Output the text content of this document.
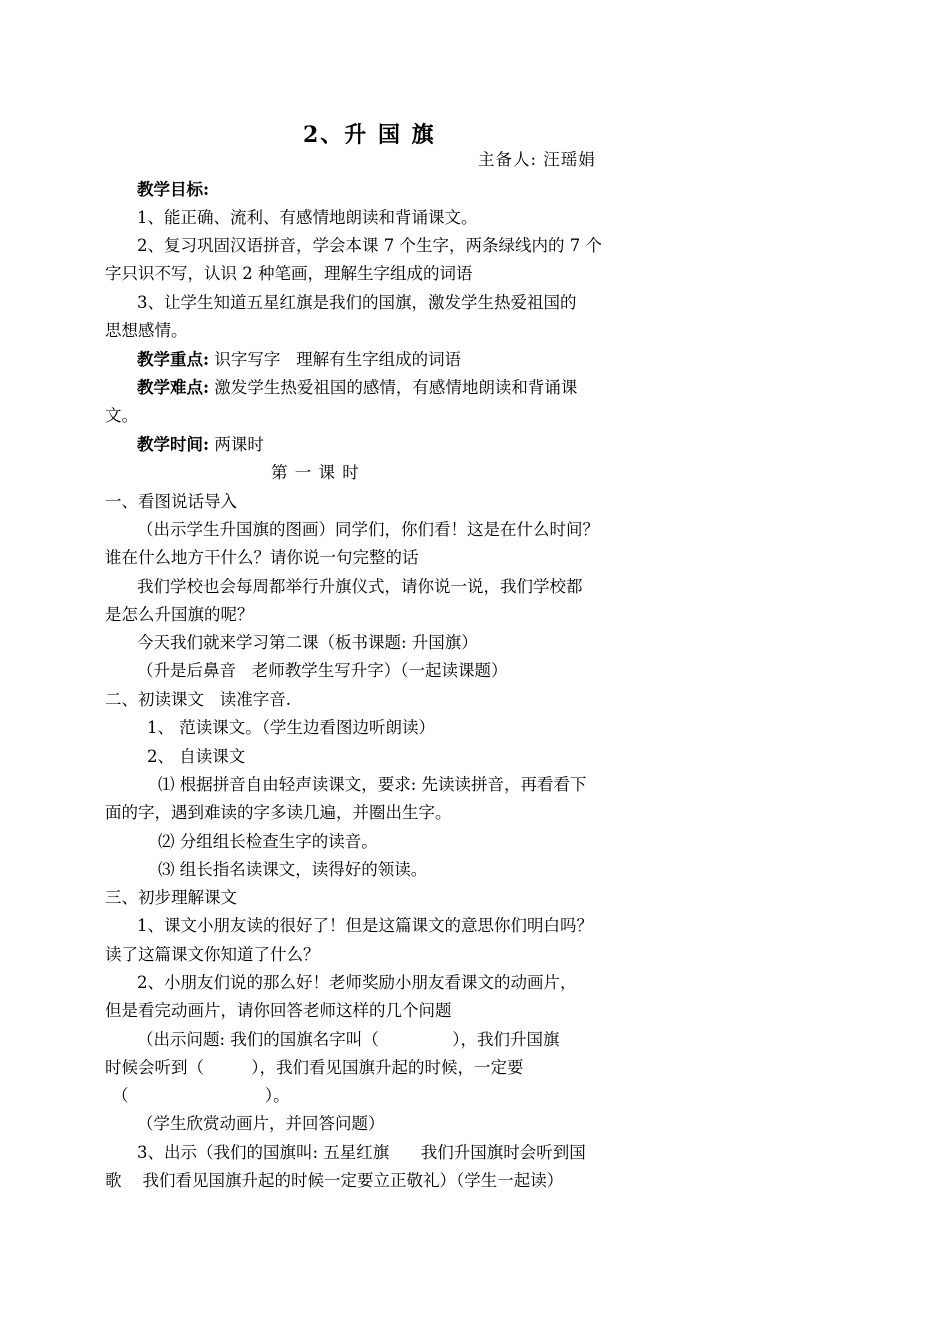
2、升 国 旗
主备人: 汪瑶娟
教学目标:
1、能正确、流利、有感情地朗读和背诵课文。
2、复习巩固汉语拼音，学会本课 7 个生字，两条绿线内的 7 个
字只识不写，认识 2 种笔画，理解生字组成的词语
3、让学生知道五星红旗是我们的国旗，激发学生热爱祖国的
思想感情。
教学重点: 识字写字   理解有生字组成的词语
教学难点: 激发学生热爱祖国的感情，有感情地朗读和背诵课
文。
教学时间: 两课时
第 一 课 时
一、看图说话导入
（出示学生升国旗的图画）同学们，你们看！这是在什么时间？
谁在什么地方干什么？请你说一句完整的话
我们学校也会每周都举行升旗仪式，请你说一说，我们学校都
是怎么升国旗的呢？
今天我们就来学习第二课（板书课题: 升国旗）
（升是后鼻音   老师教学生写升字）（一起读课题）
二、初读课文   读准字音.
1、 范读课文。（学生边看图边听朗读）
2、 自读课文
⑴ 根据拼音自由轻声读课文，要求: 先读读拼音，再看看下
面的字，遇到难读的字多读几遍，并圈出生字。
⑵ 分组组长检查生字的读音。
⑶ 组长指名读课文，读得好的领读。
三、初步理解课文
1、课文小朋友读的很好了！但是这篇课文的意思你们明白吗？
读了这篇课文你知道了什么？
2、小朋友们说的那么好！老师奖励小朋友看课文的动画片，
但是看完动画片，请你回答老师这样的几个问题
（出示问题: 我们的国旗名字叫（              ），我们升国旗
时候会听到（         ），我们看见国旗升起的时候，一定要
（                          ）。
（学生欣赏动画片，并回答问题）
3、出示（我们的国旗叫: 五星红旗      我们升国旗时会听到国
歌    我们看见国旗升起的时候一定要立正敬礼）（学生一起读）
